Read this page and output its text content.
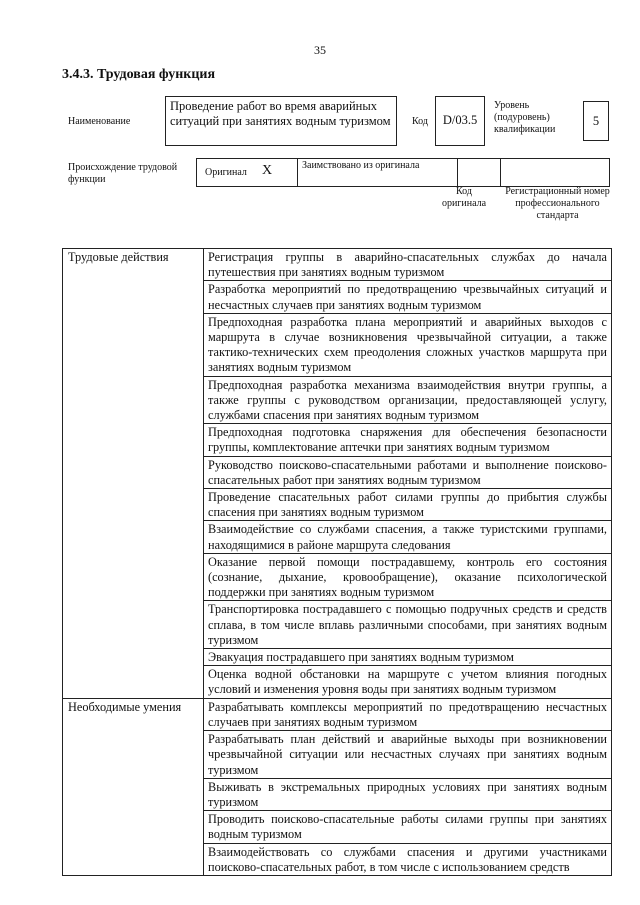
35
3.4.3. Трудовая функция
Наименование
Проведение работ во время аварийных ситуаций при занятиях водным туризмом	Код	D/03.5
Уровень (подуровень) квалификации
5
Происхождение трудовой функции
Оригинал X	Заимствовано из оригинала
Код оригинала
Регистрационный номер профессионального стандарта
Трудовые действия	Регистрация группы в аварийно-спасательных службах до начала путешествия при занятиях водным туризмом
	Разработка мероприятий по предотвращению чрезвычайных ситуаций и несчастных случаев при занятиях водным туризмом
	Предпоходная разработка плана мероприятий и аварийных выходов с маршрута в случае возникновения чрезвычайной ситуации, а также тактико-технических схем преодоления сложных участков маршрута при занятиях водным туризмом
	Предпоходная разработка механизма взаимодействия внутри группы, а также группы с руководством организации, предоставляющей услугу, службами спасения при занятиях водным туризмом
	Предпоходная подготовка снаряжения для обеспечения безопасности группы, комплектование аптечки при занятиях водным туризмом
	Руководство поисково-спасательными работами и выполнение поисково-спасательных работ при занятиях водным туризмом
	Проведение спасательных работ силами группы до прибытия службы спасения при занятиях водным туризмом
	Взаимодействие со службами спасения, а также туристскими группами, находящимися в районе маршрута следования
	Оказание первой помощи пострадавшему, контроль его состояния (сознание, дыхание, кровообращение), оказание психологической поддержки при занятиях водным туризмом
	Транспортировка пострадавшего с помощью подручных средств и средств сплава, в том числе вплавь различными способами, при занятиях водным туризмом
	Эвакуация пострадавшего при занятиях водным туризмом
	Оценка водной обстановки на маршруте с учетом влияния погодных условий и изменения уровня воды при занятиях водным туризмом
Необходимые умения	Разрабатывать комплексы мероприятий по предотвращению несчастных случаев при занятиях водным туризмом
	Разрабатывать план действий и аварийные выходы при возникновении чрезвычайной ситуации или несчастных случаях при занятиях водным туризмом
	Выживать в экстремальных природных условиях при занятиях водным туризмом
	Проводить поисково-спасательные работы силами группы при занятиях водным туризмом
	Взаимодействовать со службами спасения и другими участниками поисково-спасательных работ, в том числе с использованием средств
